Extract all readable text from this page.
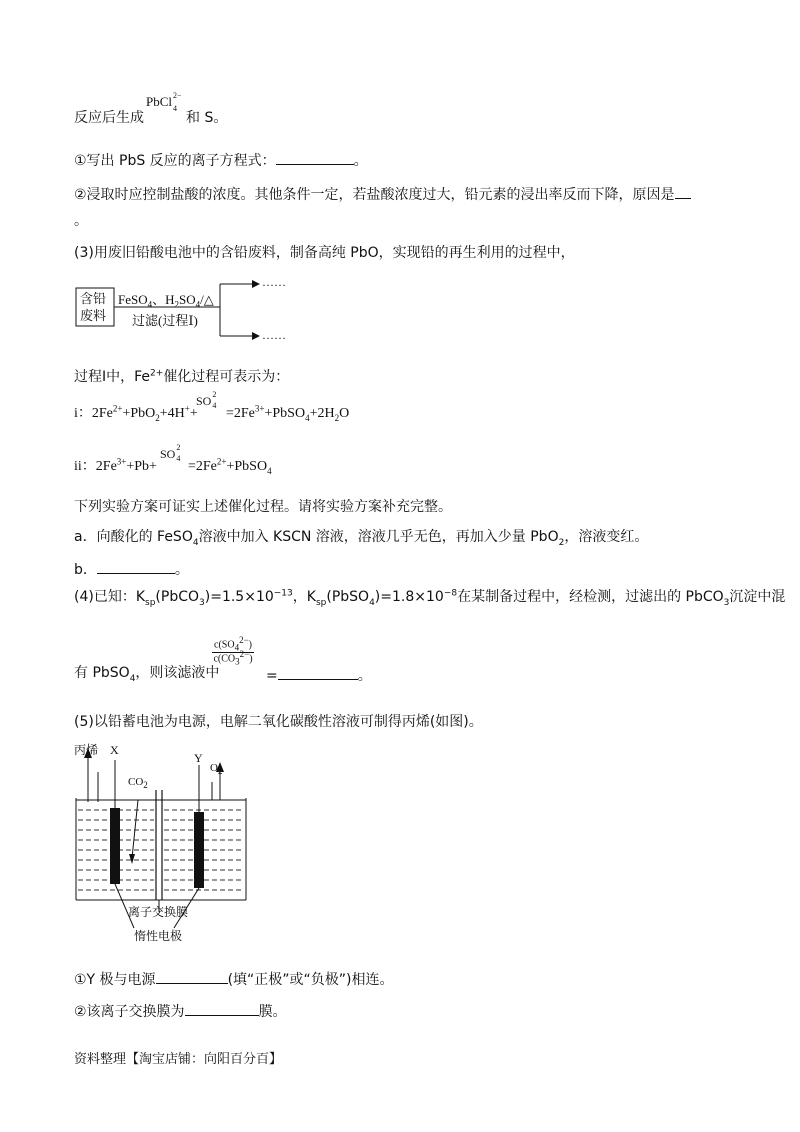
反应后生成
PbCl 2−
4
和 S。
①写出 PbS 反应的离子方程式：	。
②浸取时应控制盐酸的浓度。其他条件一定，若盐酸浓度过大，铅元素的浸出率反而下降，原因是
。
(3)用废旧铅酸电池中的含铅废料，制备高纯 PbO，实现铅的再生利用的过程中，
含铅
废料
FeSO$_4$、$H_2SO_4/\triangle$
过滤(过程Ⅰ)
……
……
过程Ⅰ中，$Fe^{2+}$催化过程可表示为：
i：$2Fe^{2+}+PbO_2+4H^++$
SO 2
4
$=2Fe^{3+}+PbSO_4+2H_2O$
ii：$2Fe^{3+}+Pb+$
SO 2
4
$=2Fe^{2+}+PbSO_4$
下列实验方案可证实上述催化过程。请将实验方案补充完整。
a．向酸化的 FeSO$_4$溶液中加入 KSCN 溶液，溶液几乎无色，再加入少量 PbO$_2$，溶液变红。
b．	。
(4)已知：$K_{sp}(PbCO_3)=1.5\times 10^{-13}$，$K_{sp}(PbSO_4)=1.8\times 10^{-8}$在某制备过程中，经检测，过滤出的 PbCO$_3$沉淀中混
有 PbSO$_4$，则该滤液中
$\frac{c(SO_4^{2-})}{c(CO_3^{2-})}$
=	。
(5)以铅蓄电池为电源，电解二氧化碳酸性溶液可制得丙烯(如图)。
丙烯 X
$CO_2$
Y
$O_2$
离子交换膜
惰性电极
①Y 极与电源	(填“正极”或“负极”)相连。
②该离子交换膜为	膜。
资料整理【淘宝店铺：向阳百分百】
